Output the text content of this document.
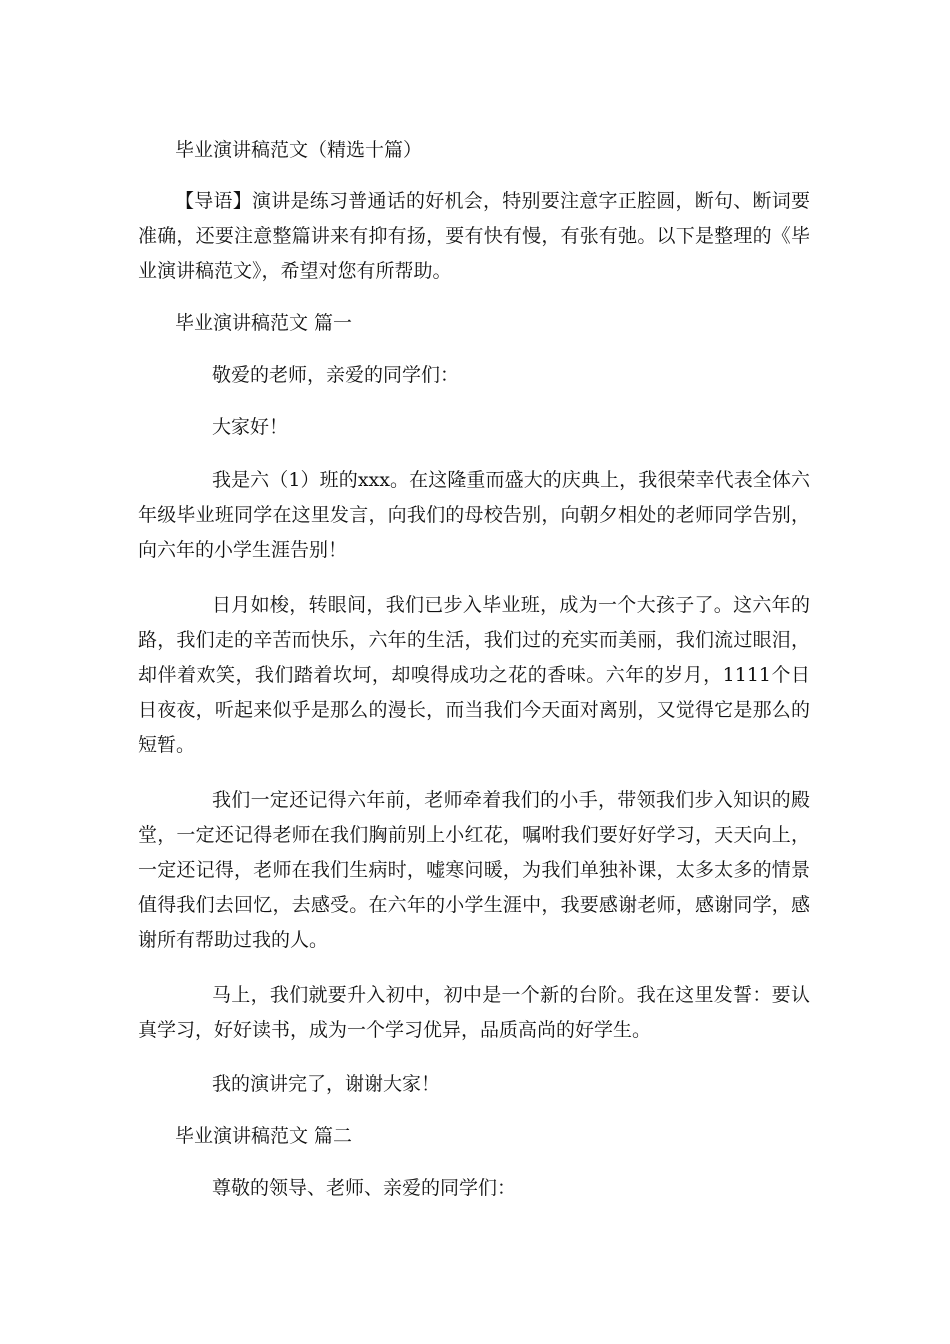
毕业演讲稿范文（精选十篇）

【导语】演讲是练习普通话的好机会，特别要注意字正腔圆，断句、断词要准确，还要注意整篇讲来有抑有扬，要有快有慢，有张有弛。以下是整理的《毕业演讲稿范文》，希望对您有所帮助。

毕业演讲稿范文 篇一

敬爱的老师，亲爱的同学们：

大家好！

我是六（1）班的xxx。在这隆重而盛大的庆典上，我很荣幸代表全体六年级毕业班同学在这里发言，向我们的母校告别，向朝夕相处的老师同学告别，向六年的小学生涯告别！

日月如梭，转眼间，我们已步入毕业班，成为一个大孩子了。这六年的路，我们走的辛苦而快乐，六年的生活，我们过的充实而美丽，我们流过眼泪，却伴着欢笑，我们踏着坎坷，却嗅得成功之花的香味。六年的岁月，1111个日日夜夜，听起来似乎是那么的漫长，而当我们今天面对离别，又觉得它是那么的短暂。

我们一定还记得六年前，老师牵着我们的小手，带领我们步入知识的殿堂，一定还记得老师在我们胸前别上小红花，嘱咐我们要好好学习，天天向上，一定还记得，老师在我们生病时，嘘寒问暖，为我们单独补课，太多太多的情景值得我们去回忆，去感受。在六年的小学生涯中，我要感谢老师，感谢同学，感谢所有帮助过我的人。

马上，我们就要升入初中，初中是一个新的台阶。我在这里发誓：要认真学习，好好读书，成为一个学习优异，品质高尚的好学生。

我的演讲完了，谢谢大家！

毕业演讲稿范文 篇二

尊敬的领导、老师、亲爱的同学们：
